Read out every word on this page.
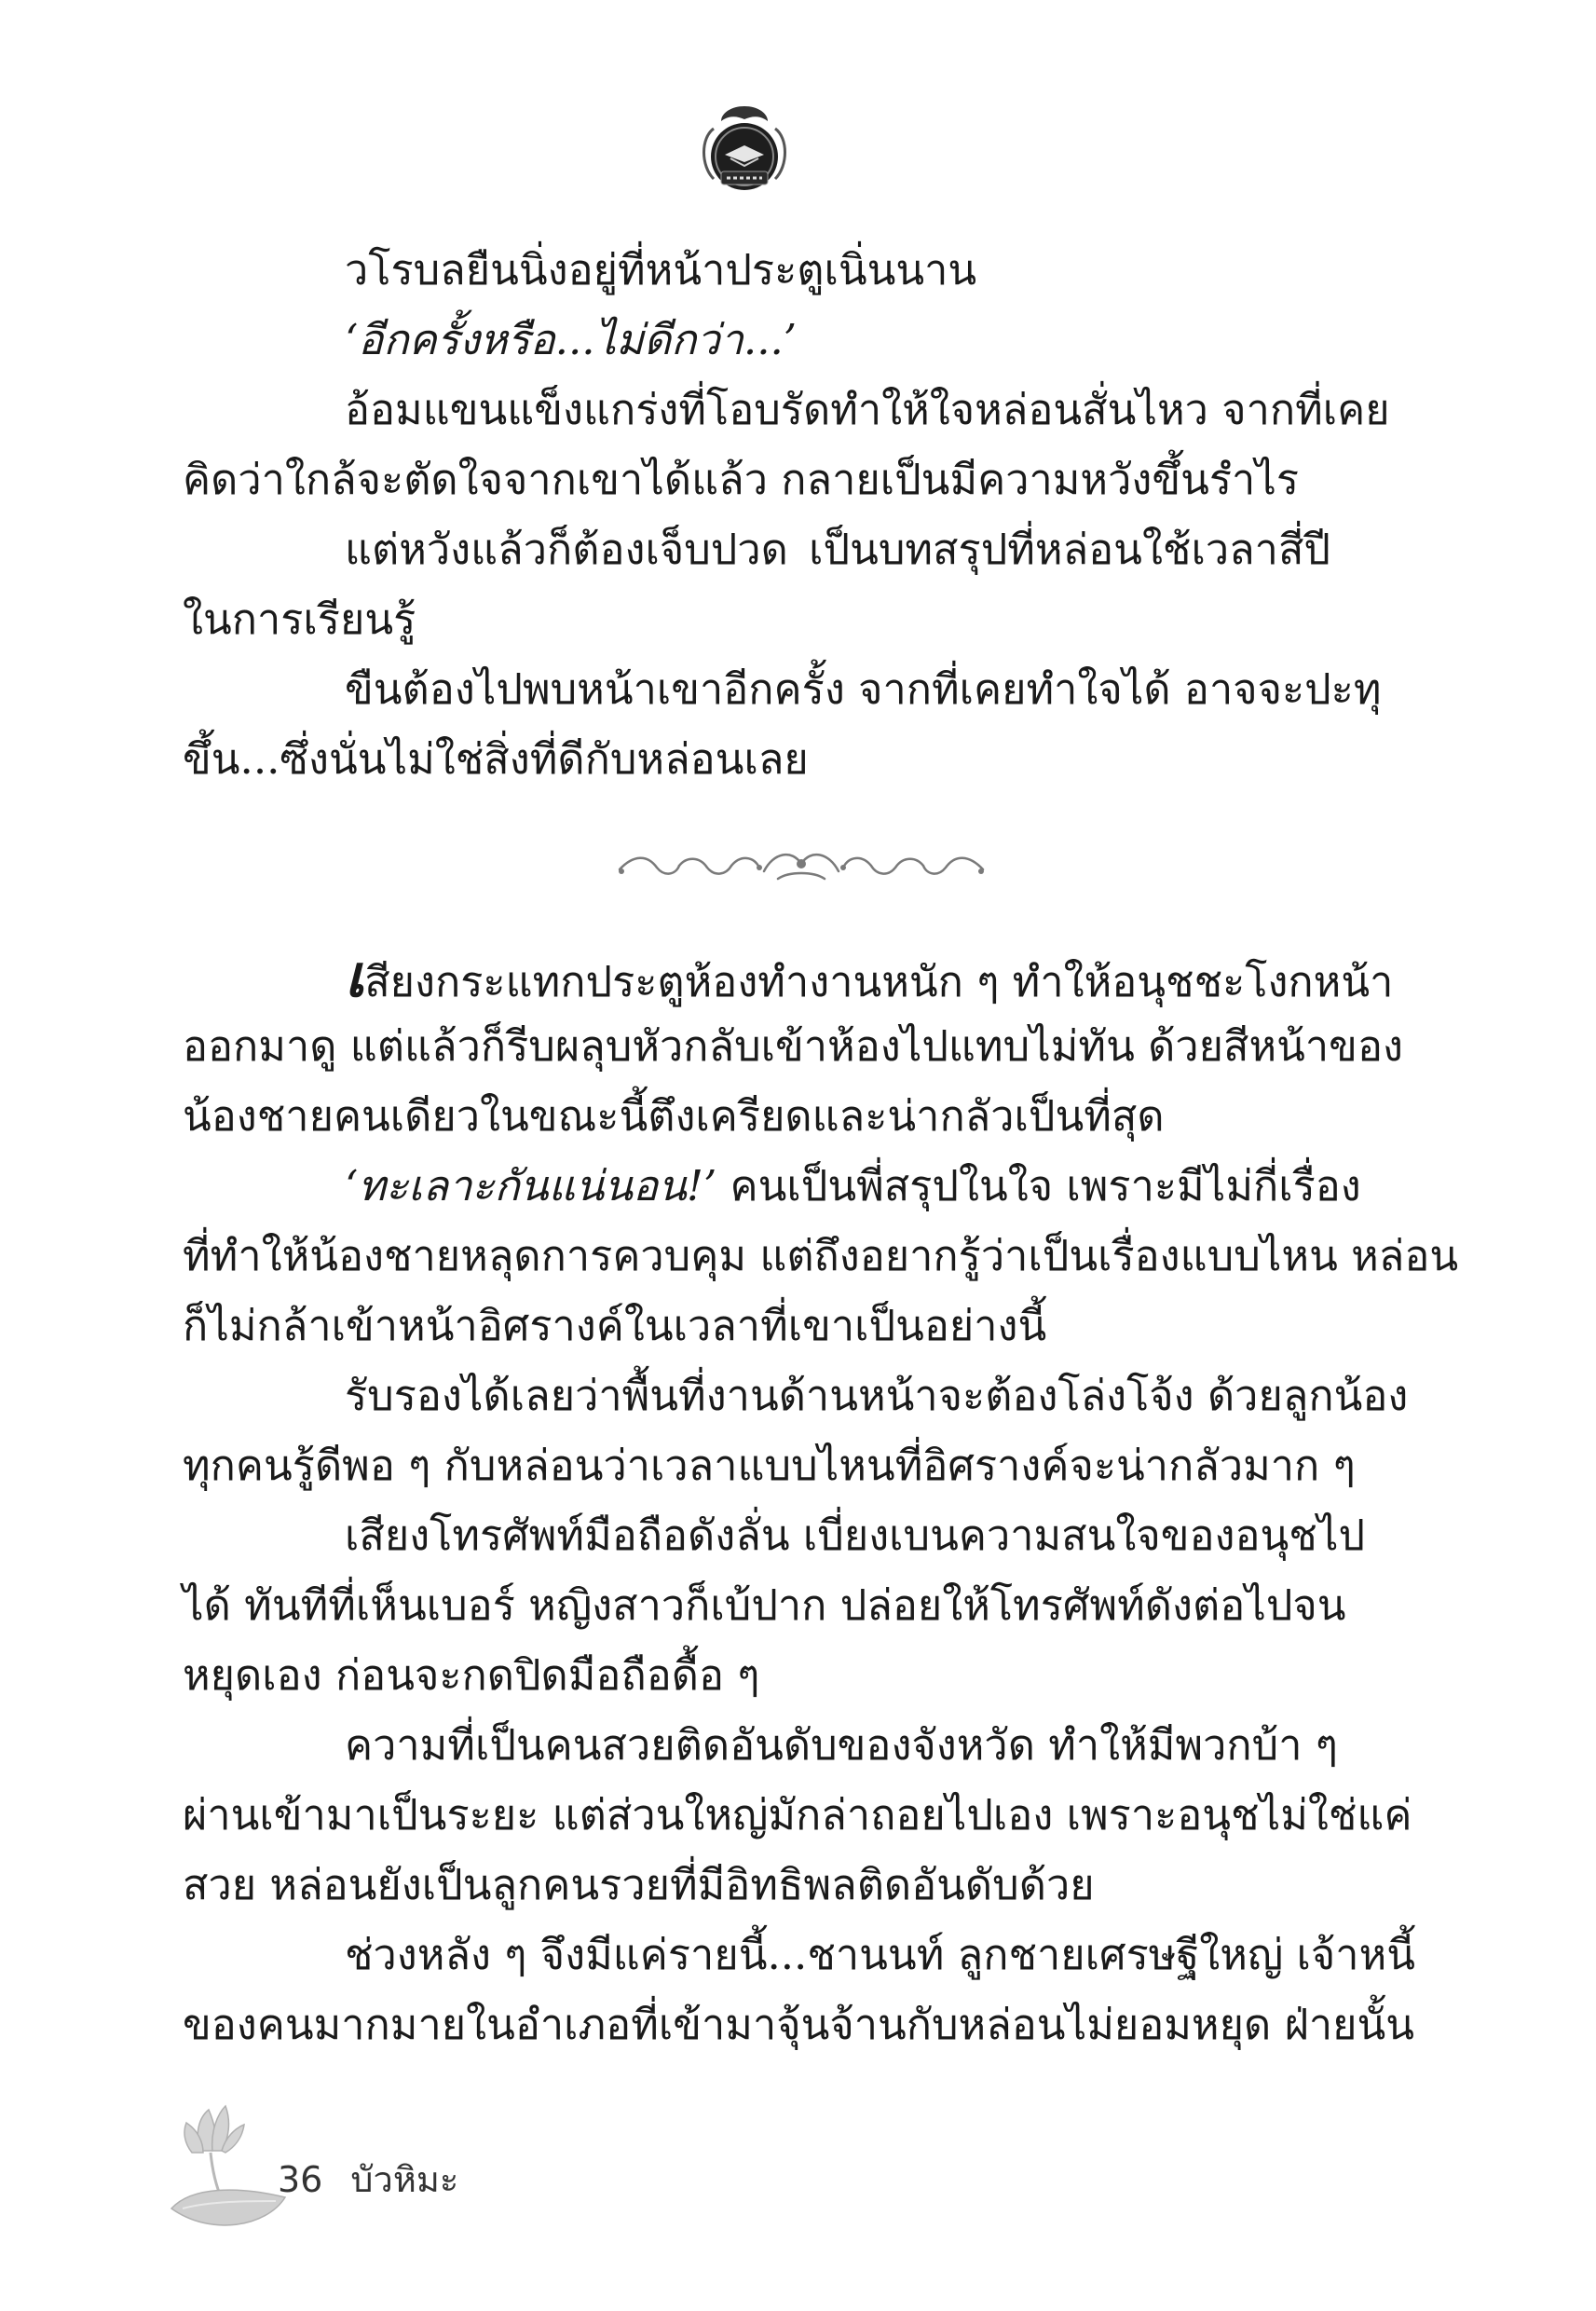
วโรบลยืนนิ่งอยู่ที่หน้าประตูเนิ่นนาน
‘อีกครั้งหรือ...ไม่ดีกว่า...’
อ้อมแขนแข็งแกร่งที่โอบรัดทำให้ใจหล่อนสั่นไหว จากที่เคย
คิดว่าใกล้จะตัดใจจากเขาได้แล้ว กลายเป็นมีความหวังขึ้นรำไร
แต่หวังแล้วก็ต้องเจ็บปวด เป็นบทสรุปที่หล่อนใช้เวลาสี่ปี
ในการเรียนรู้
ขืนต้องไปพบหน้าเขาอีกครั้ง จากที่เคยทำใจได้ อาจจะปะทุ
ขึ้น...ซึ่งนั่นไม่ใช่สิ่งที่ดีกับหล่อนเลย
เสียงกระแทกประตูห้องทำงานหนัก ๆ ทำให้อนุชชะโงกหน้า
ออกมาดู แต่แล้วก็รีบผลุบหัวกลับเข้าห้องไปแทบไม่ทัน ด้วยสีหน้าของ
น้องชายคนเดียวในขณะนี้ตึงเครียดและน่ากลัวเป็นที่สุด
‘ทะเลาะกันแน่นอน!’ คนเป็นพี่สรุปในใจ เพราะมีไม่กี่เรื่อง
ที่ทำให้น้องชายหลุดการควบคุม แต่ถึงอยากรู้ว่าเป็นเรื่องแบบไหน หล่อน
ก็ไม่กล้าเข้าหน้าอิศรางค์ในเวลาที่เขาเป็นอย่างนี้
รับรองได้เลยว่าพื้นที่งานด้านหน้าจะต้องโล่งโจ้ง ด้วยลูกน้อง
ทุกคนรู้ดีพอ ๆ กับหล่อนว่าเวลาแบบไหนที่อิศรางค์จะน่ากลัวมาก ๆ
เสียงโทรศัพท์มือถือดังลั่น เบี่ยงเบนความสนใจของอนุชไป
ได้ ทันทีที่เห็นเบอร์ หญิงสาวก็เบ้ปาก ปล่อยให้โทรศัพท์ดังต่อไปจน
หยุดเอง ก่อนจะกดปิดมือถือดื้อ ๆ
ความที่เป็นคนสวยติดอันดับของจังหวัด ทำให้มีพวกบ้า ๆ
ผ่านเข้ามาเป็นระยะ แต่ส่วนใหญ่มักล่าถอยไปเอง เพราะอนุชไม่ใช่แค่
สวย หล่อนยังเป็นลูกคนรวยที่มีอิทธิพลติดอันดับด้วย
ช่วงหลัง ๆ จึงมีแค่รายนี้...ชานนท์ ลูกชายเศรษฐีใหญ่ เจ้าหนี้
ของคนมากมายในอำเภอที่เข้ามาจุ้นจ้านกับหล่อนไม่ยอมหยุด ฝ่ายนั้น
36 บัวหิมะ
